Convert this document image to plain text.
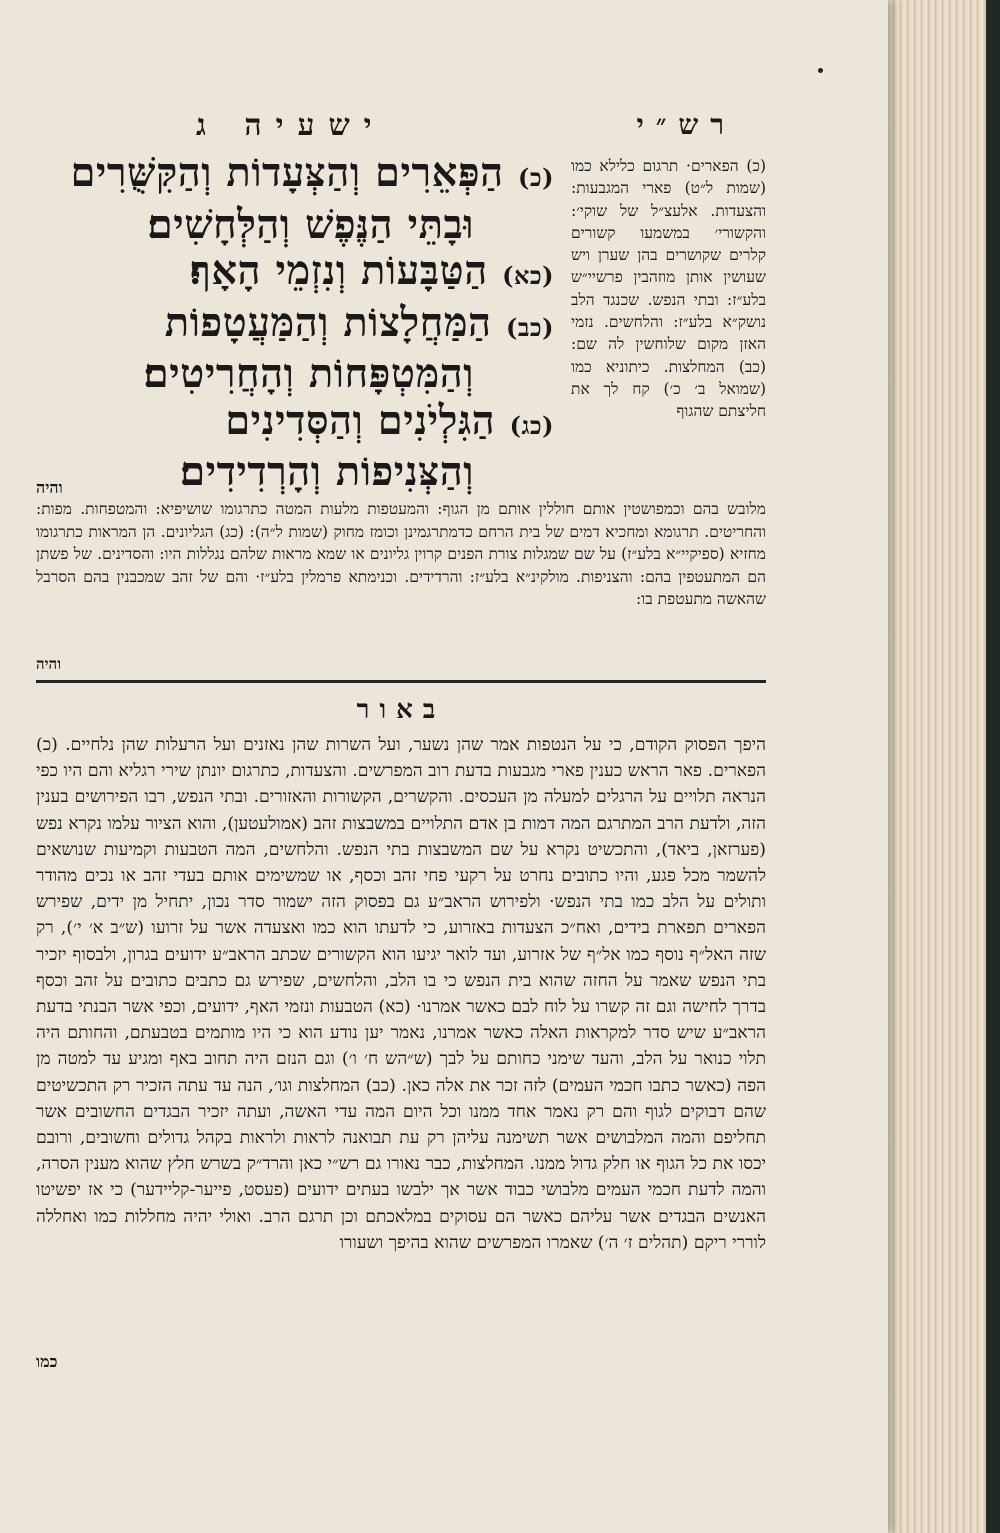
רש״י
ישעיה ג
(כ) הפארים· תרגום כלילא כמו (שמות ל״ט) פארי המגבעות: והצעדות. אלעצ״ל של שוקי׳: והקשורי׳ במשמעו קשורים קלרים שקושרים בהן שערן ויש שעושין אותן מוזהבין פרשיי״ש בלע״ז: ובתי הנפש. שכנגד הלב נושק״א בלע״ז: והלחשים. נזמי האזן מקום שלוחשין לה שם: (כב) המחלצות. כיתוניא כמו (שמואל ב׳ כ׳) קח לך את חליצתם שהגוף
(כ) הַפְּאֵרִים וְהַצְּעָדוֹת וְהַקִּשֻּׁרִים
וּבָתֵּי הַנֶּפֶשׁ וְהַלְּחָשִׁים׃
(כא) הַטַּבָּעוֹת וְנִזְמֵי הָאָף׃
(כב) הַמַּחֲלָצוֹת וְהַמַּעֲטָפוֹת
וְהַמִּטְפָּחוֹת וְהָחֲרִיטִים׃
(כג) הַגִּלְיֹנִים וְהַסְּדִינִים
וְהַצְּנִיפוֹת וְהָרְדִידִים׃
והיה
מלובש בהם וכמפושטין אותם חוללין אותם מן הגוף: והמעטפות מלעות המטה כתרגומו שושיפיא: והמטפחות. מפות: והחריטים. תרגומא ומחכיא דמים של בית הרחם כדמתרגמינן וכומז מחוק (שמות ל״ה): (כג) הגליונים. הן המראות כתרגומו מחזיא (ספיקיי״א בלע״ז) על שם שמגלות צורת הפנים קרוין גליונים או שמא מראות שלהם נגללות היו: והסדינים. של פשתן הם המתעטפין בהם: והצניפות. מולקינ״א בלע״ז: והרדידים. וכנימתא פרמלין בלע״ז· והם של זהב שמכבנין בהם הסרבל שהאשה מתעטפת בו:
והיה
באור

היפך הפסוק הקודם, כי על הנטפות אמר שהן נשער, ועל השרות שהן נאזנים ועל הרעלות שהן נלחיים. (כ) הפארים. פאר הראש כענין פארי מגבעות בדעת רוב המפרשים. והצעדות, כתרגום יונתן שירי רגליא והם היו כפי הנראה תלויים על הרגלים למעלה מן העכסים. והקשרים, הקשורות והאזורים. ובתי הנפש, רבו הפירושים בענין הזה, ולדעת הרב המתרגם המה דמות בן אדם התלויים במשבצות זהב (אמולעטען), והוא הציור עלמו נקרא נפש (פערזאן, ביאד), והתכשיט נקרא על שם המשבצות בתי הנפש. והלחשים, המה הטבעות וקמיעות שנושאים להשמר מכל פגע, והיו כתובים נחרט על רקעי פחי זהב וכסף, או שמשימים אותם בעדי זהב או נכים מהודר ותולים על הלב כמו בתי הנפש· ולפירוש הראב״ע גם בפסוק הזה ישמור סדר נכון, יתחיל מן ידים, שפירש הפארים תפארת בידים, ואח״כ הצעדות באזרוע, כי לדעתו הוא כמו ואצעדה אשר על זרועו (ש״ב א׳ י׳), רק שזה האל״ף נוסף כמו אל״ף של אזרוע, ועד לואר יגיעו הוא הקשורים שכתב הראב״ע ידועים בגרון, ולבסוף יזכיר בתי הנפש שאמר על החזה שהוא בית הנפש כי בו הלב, והלחשים, שפירש גם כתבים כתובים על זהב וכסף בדרך לחישה וגם זה קשרו על לוח לבם כאשר אמרנו· (כא) הטבעות ונזמי האף, ידועים, וכפי אשר הבנתי בדעת הראב״ע שיש סדר למקראות האלה כאשר אמרנו, נאמר יען נודע הוא כי היו מותמים בטבעתם, והחותם היה תלוי כנואר על הלב, והעד שימני כחותם על לבך (ש״הש ח׳ ו׳) וגם הנזם היה תחוב באף ומגיע עד למטה מן הפה (כאשר כתבו חכמי העמים) לזה זכר את אלה כאן. (כב) המחלצות וגו׳, הנה עד עתה הזכיר רק התכשיטים שהם דבוקים לגוף והם רק נאמר אחד ממנו וכל היום המה עדי האשה, ועתה יזכיר הבגדים החשובים אשר תחליפם והמה המלבושים אשר תשימנה עליהן רק עת תבואנה לראות ולראות בקהל גדולים וחשובים, ורובם יכסו את כל הגוף או חלק גדול ממנו. המחלצות, כבר נאורו גם רש״י כאן והרד״ק בשרש חלץ שהוא מענין הסרה, והמה לדעת חכמי העמים מלבושי כבוד אשר אך ילבשו בעתים ידועים (פעסט, פייער-קליידער) כי אז יפשיטו האנשים הבגדים אשר עליהם כאשר הם עסוקים במלאכתם וכן תרגם הרב. ואולי יהיה מחללות כמו ואחללה לוררי ריקם (תהלים ז׳ ה׳) שאמרו המפרשים שהוא בהיפך ושעורו

כמו
